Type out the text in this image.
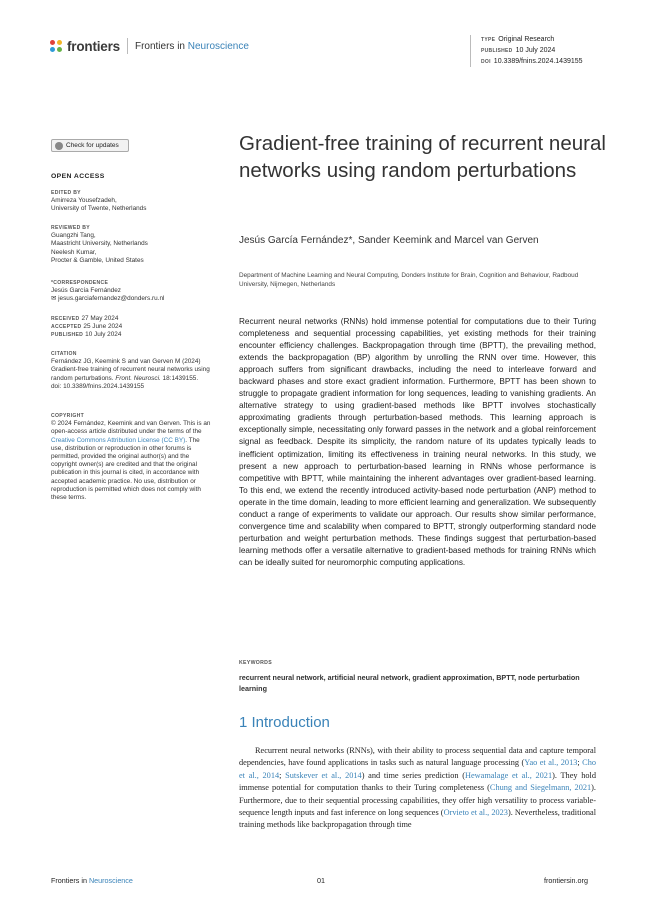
frontiers Frontiers in Neuroscience
TYPE Original Research
PUBLISHED 10 July 2024
DOI 10.3389/fnins.2024.1439155
Check for updates
OPEN ACCESS
EDITED BY
Amirreza Yousefzadeh,
University of Twente, Netherlands
REVIEWED BY
Guangzhi Tang,
Maastricht University, Netherlands
Neelesh Kumar,
Procter & Gamble, United States
*CORRESPONDENCE
Jesús García Fernández
✉ jesus.garciafernandez@donders.ru.nl
RECEIVED 27 May 2024
ACCEPTED 25 June 2024
PUBLISHED 10 July 2024
CITATION
Fernández JG, Keemink S and van Gerven M (2024) Gradient-free training of recurrent neural networks using random perturbations. Front. Neurosci. 18:1439155.
doi: 10.3389/fnins.2024.1439155
COPYRIGHT
© 2024 Fernández, Keemink and van Gerven. This is an open-access article distributed under the terms of the Creative Commons Attribution License (CC BY). The use, distribution or reproduction in other forums is permitted, provided the original author(s) and the copyright owner(s) are credited and that the original publication in this journal is cited, in accordance with accepted academic practice. No use, distribution or reproduction is permitted which does not comply with these terms.
Gradient-free training of recurrent neural networks using random perturbations
Jesús García Fernández*, Sander Keemink and Marcel van Gerven
Department of Machine Learning and Neural Computing, Donders Institute for Brain, Cognition and Behaviour, Radboud University, Nijmegen, Netherlands
Recurrent neural networks (RNNs) hold immense potential for computations due to their Turing completeness and sequential processing capabilities, yet existing methods for their training encounter efficiency challenges. Backpropagation through time (BPTT), the prevailing method, extends the backpropagation (BP) algorithm by unrolling the RNN over time. However, this approach suffers from significant drawbacks, including the need to interleave forward and backward phases and store exact gradient information. Furthermore, BPTT has been shown to struggle to propagate gradient information for long sequences, leading to vanishing gradients. An alternative strategy to using gradient-based methods like BPTT involves stochastically approximating gradients through perturbation-based methods. This learning approach is exceptionally simple, necessitating only forward passes in the network and a global reinforcement signal as feedback. Despite its simplicity, the random nature of its updates typically leads to inefficient optimization, limiting its effectiveness in training neural networks. In this study, we present a new approach to perturbation-based learning in RNNs whose performance is competitive with BPTT, while maintaining the inherent advantages over gradient-based learning. To this end, we extend the recently introduced activity-based node perturbation (ANP) method to operate in the time domain, leading to more efficient learning and generalization. We subsequently conduct a range of experiments to validate our approach. Our results show similar performance, convergence time and scalability when compared to BPTT, strongly outperforming standard node perturbation and weight perturbation methods. These findings suggest that perturbation-based learning methods offer a versatile alternative to gradient-based methods for training RNNs which can be ideally suited for neuromorphic computing applications.
KEYWORDS
recurrent neural network, artificial neural network, gradient approximation, BPTT, node perturbation learning
1 Introduction

Recurrent neural networks (RNNs), with their ability to process sequential data and capture temporal dependencies, have found applications in tasks such as natural language processing (Yao et al., 2013; Cho et al., 2014; Sutskever et al., 2014) and time series prediction (Hewamalage et al., 2021). They hold immense potential for computation thanks to their Turing completeness (Chung and Siegelmann, 2021). Furthermore, due to their sequential processing capabilities, they offer high versatility to process variable-sequence length inputs and fast inference on long sequences (Orvieto et al., 2023). Nevertheless, traditional training methods like backpropagation through time

Frontiers in Neuroscience	01	frontiersin.org
